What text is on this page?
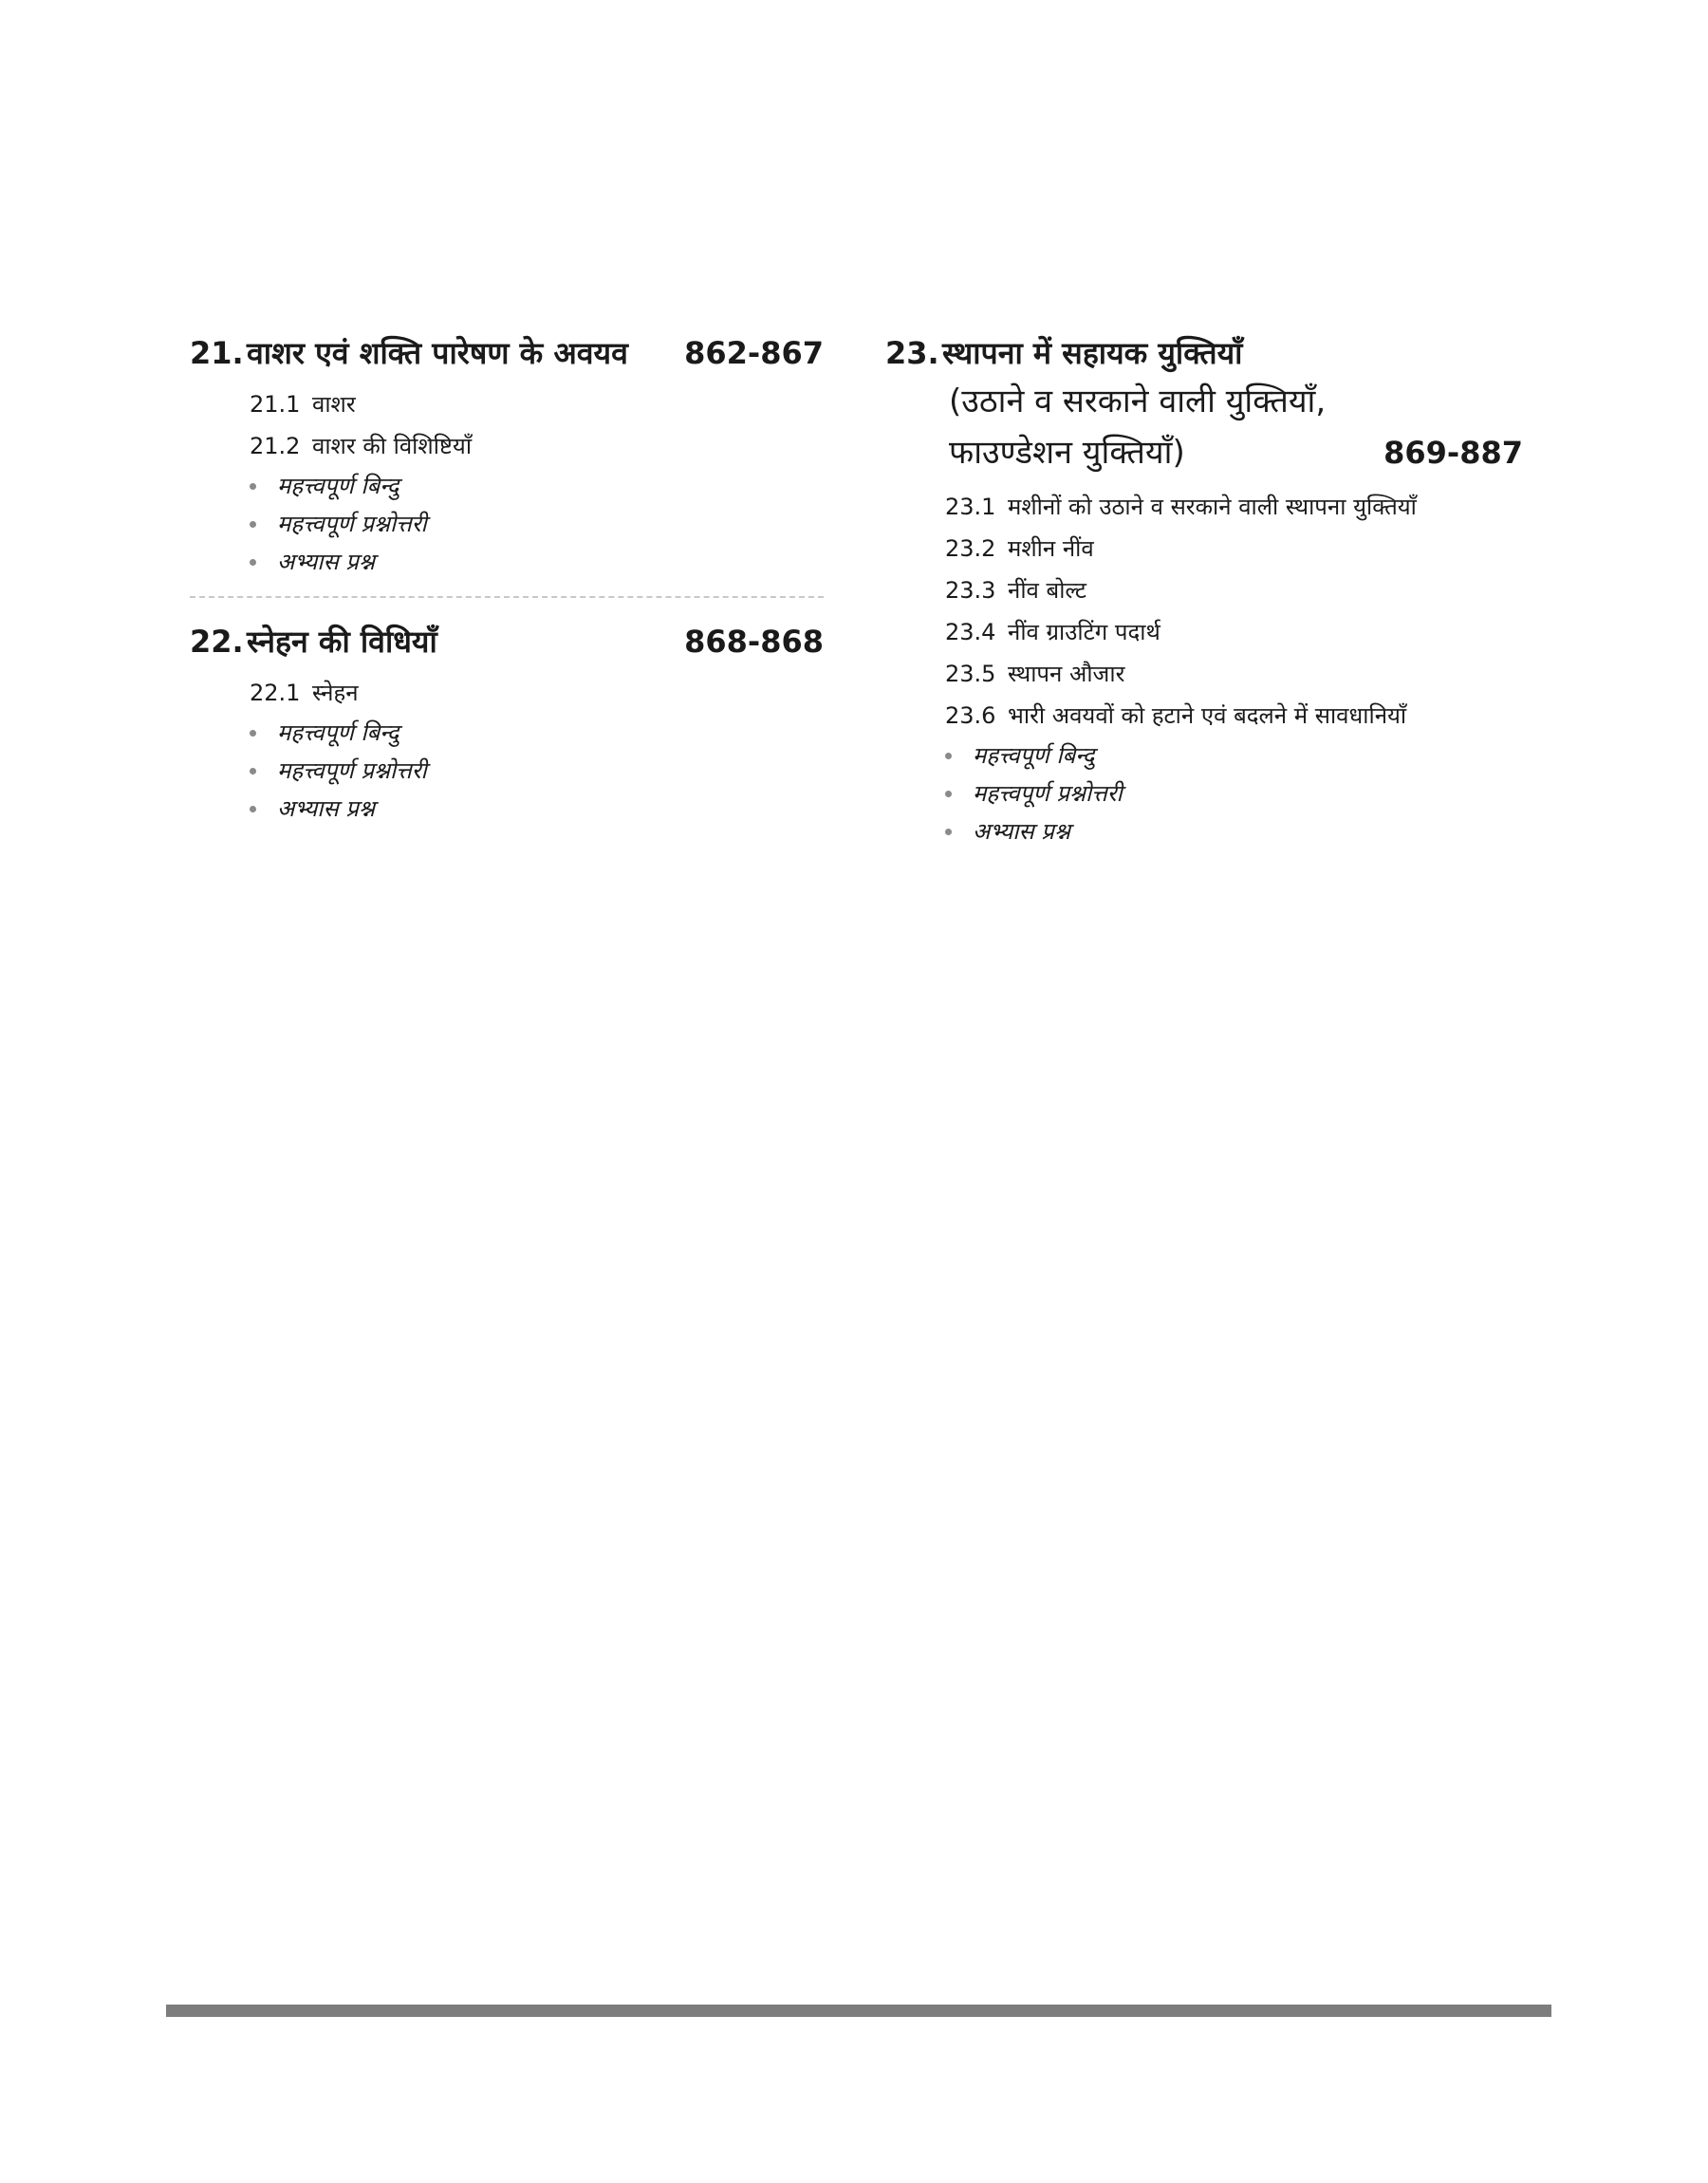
21. वाशर एवं शक्ति पारेषण के अवयव	862-867
21.1 वाशर
21.2 वाशर की विशिष्टियाँ
महत्त्वपूर्ण बिन्दु
महत्त्वपूर्ण प्रश्नोत्तरी
अभ्यास प्रश्न
22. स्नेहन की विधियाँ	868-868
22.1 स्नेहन
महत्त्वपूर्ण बिन्दु
महत्त्वपूर्ण प्रश्नोत्तरी
अभ्यास प्रश्न
23. स्थापना में सहायक युक्तियाँ
(उठाने व सरकाने वाली युक्तियाँ,
फाउण्डेशन युक्तियाँ)	869-887
23.1 मशीनों को उठाने व सरकाने वाली स्थापना युक्तियाँ
23.2 मशीन नींव
23.3 नींव बोल्ट
23.4 नींव ग्राउटिंग पदार्थ
23.5 स्थापन औजार
23.6 भारी अवयवों को हटाने एवं बदलने में सावधानियाँ
महत्त्वपूर्ण बिन्दु
महत्त्वपूर्ण प्रश्नोत्तरी
अभ्यास प्रश्न
